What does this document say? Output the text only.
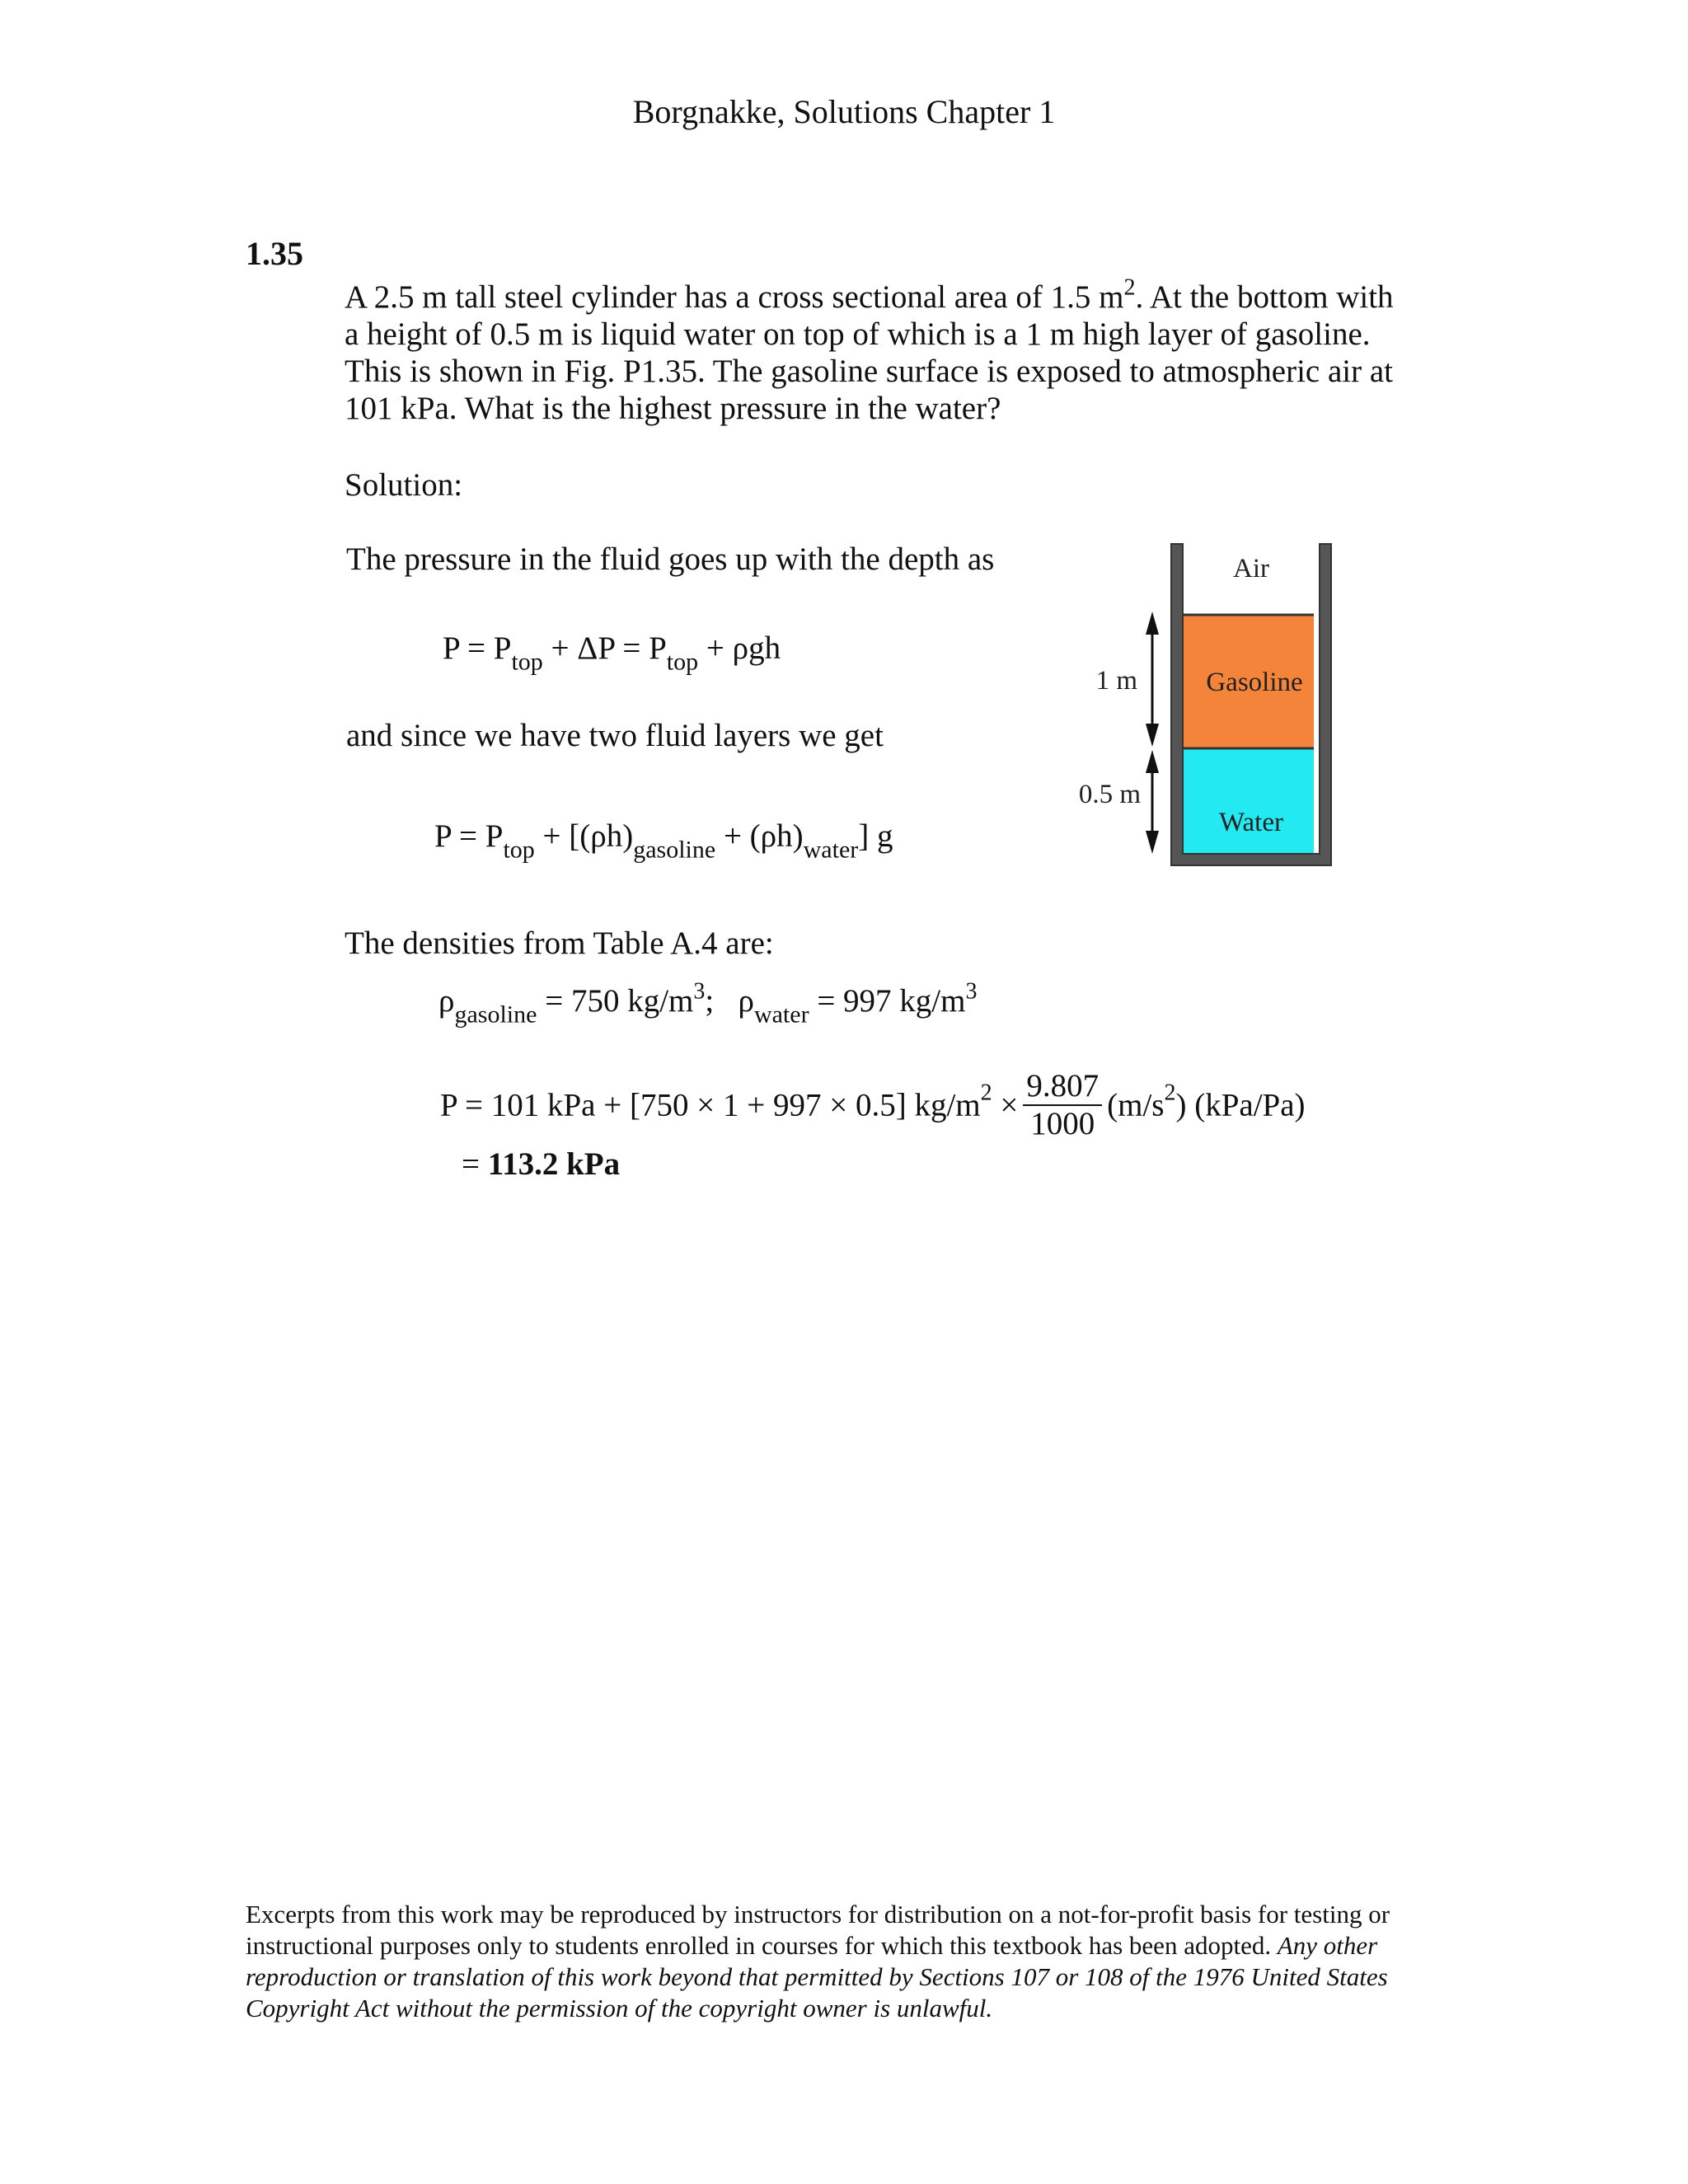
Borgnakke, Solutions Chapter 1
1.35
A 2.5 m tall steel cylinder has a cross sectional area of 1.5 $m^2$. At the bottom with
a height of 0.5 m is liquid water on top of which is a 1 m high layer of gasoline.
This is shown in Fig. P1.35. The gasoline surface is exposed to atmospheric air at
101 kPa. What is the highest pressure in the water?
Solution:
The pressure in the fluid goes up with the depth as
$P = P_{top} + \Delta P = P_{top} + \rho gh$
and since we have two fluid layers we get
$P = P_{top} + [(\rho h)_{gasoline} + (\rho h)_{water}]$ g
The densities from Table A.4 are:
$\rho_{gasoline} = 750$ $kg/m^3$;   $\rho_{water} = 997$ $kg/m^3$
P = 101 kPa + [750 × 1 + 997 × 0.5] $kg/m^2 \times \frac{9.807}{1000} (m/s^2)$ (kPa/Pa)
= 113.2 kPa
Air
Gasoline
Water
1 m
0.5 m
Excerpts from this work may be reproduced by instructors for distribution on a not-for-profit basis for testing or instructional purposes only to students enrolled in courses for which this textbook has been adopted. Any other reproduction or translation of this work beyond that permitted by Sections 107 or 108 of the 1976 United States Copyright Act without the permission of the copyright owner is unlawful.
